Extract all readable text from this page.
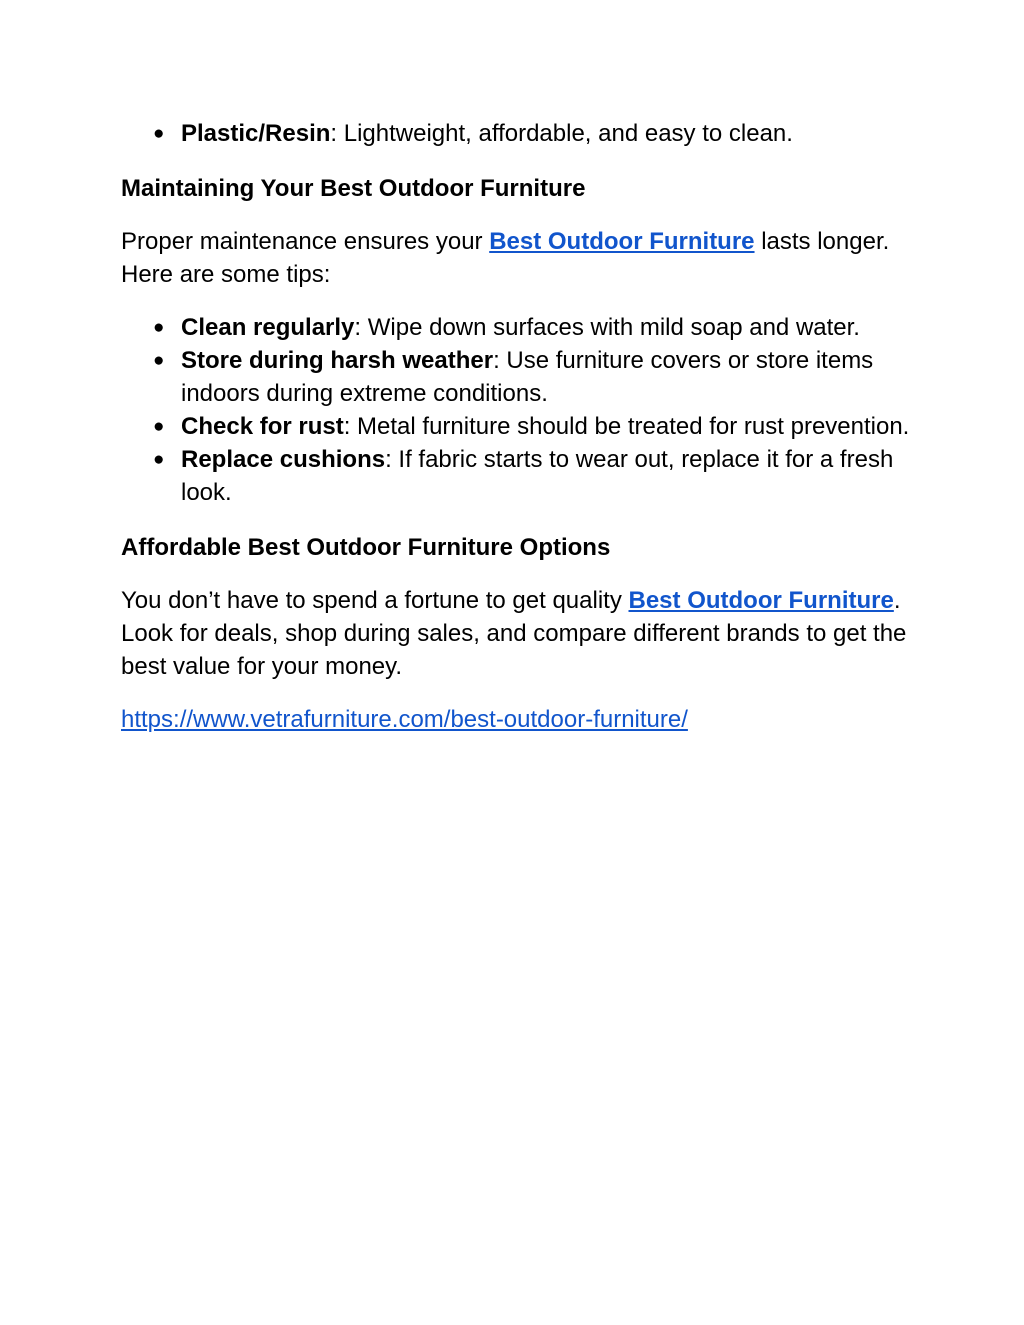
● Plastic/Resin: Lightweight, affordable, and easy to clean.
Maintaining Your Best Outdoor Furniture

Proper maintenance ensures your Best Outdoor Furniture lasts longer. Here are some tips:

● Clean regularly: Wipe down surfaces with mild soap and water.
● Store during harsh weather: Use furniture covers or store items indoors during extreme conditions.
● Check for rust: Metal furniture should be treated for rust prevention.
● Replace cushions: If fabric starts to wear out, replace it for a fresh look.
Affordable Best Outdoor Furniture Options

You don’t have to spend a fortune to get quality Best Outdoor Furniture. Look for deals, shop during sales, and compare different brands to get the best value for your money.

https://www.vetrafurniture.com/best-outdoor-furniture/
